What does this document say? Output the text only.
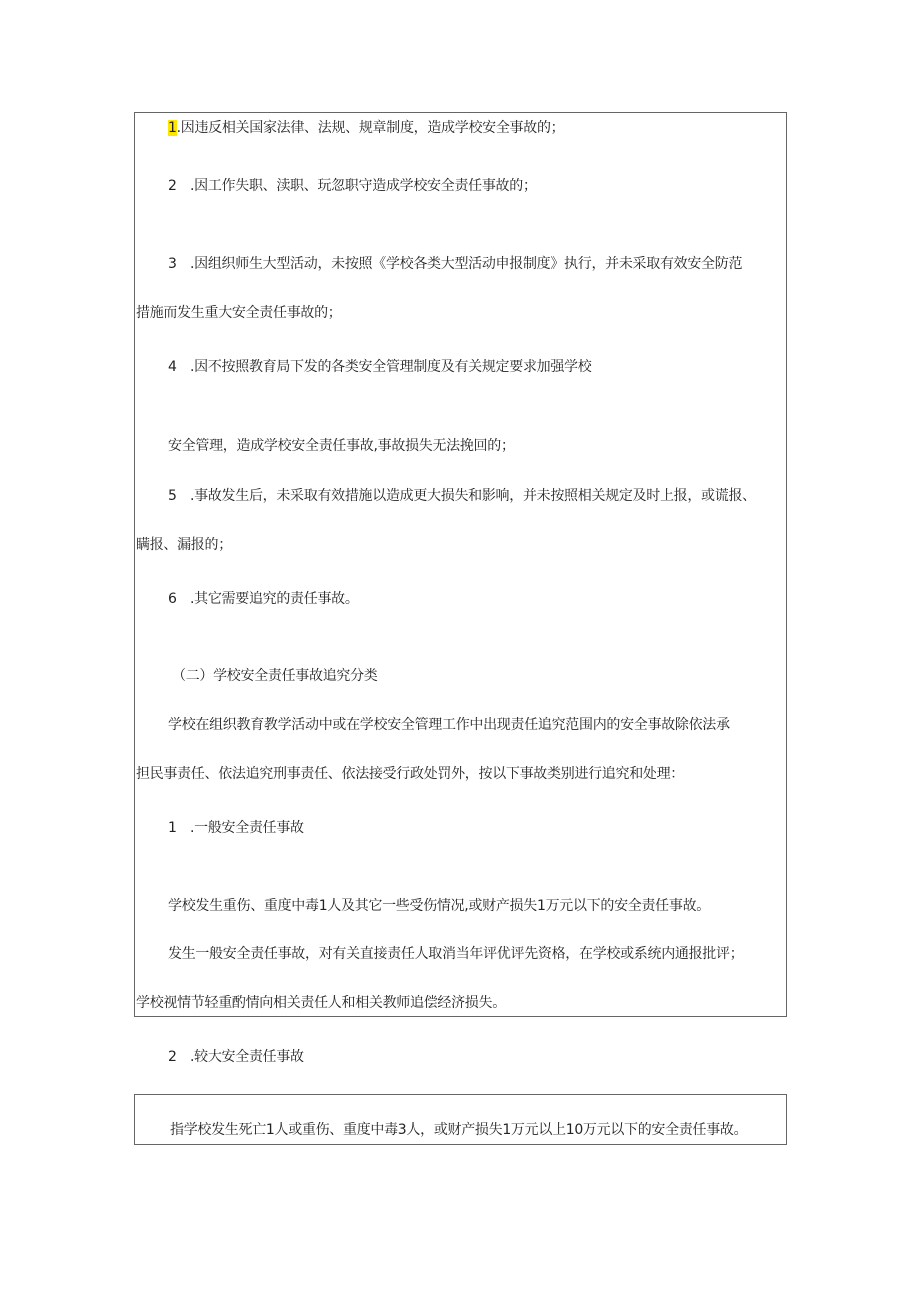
1.因违反相关国家法律、法规、规章制度，造成学校安全事故的；
2 .因工作失职、渎职、玩忽职守造成学校安全责任事故的；
3 .因组织师生大型活动，未按照《学校各类大型活动申报制度》执行，并未采取有效安全防范
措施而发生重大安全责任事故的；
4 .因不按照教育局下发的各类安全管理制度及有关规定要求加强学校
安全管理，造成学校安全责任事故,事故损失无法挽回的；
5 .事故发生后，未采取有效措施以造成更大损失和影响，并未按照相关规定及时上报，或谎报、
瞒报、漏报的；
6 .其它需要追究的责任事故。
（二）学校安全责任事故追究分类
学校在组织教育教学活动中或在学校安全管理工作中出现责任追究范围内的安全事故除依法承
担民事责任、依法追究刑事责任、依法接受行政处罚外，按以下事故类别进行追究和处理：
1 .一般安全责任事故
学校发生重伤、重度中毒1人及其它一些受伤情况,或财产损失1万元以下的安全责任事故。
发生一般安全责任事故，对有关直接责任人取消当年评优评先资格，在学校或系统内通报批评；
学校视情节轻重酌情向相关责任人和相关教师追偿经济损失。
2 .较大安全责任事故
指学校发生死亡1人或重伤、重度中毒3人，或财产损失1万元以上10万元以下的安全责任事故。
